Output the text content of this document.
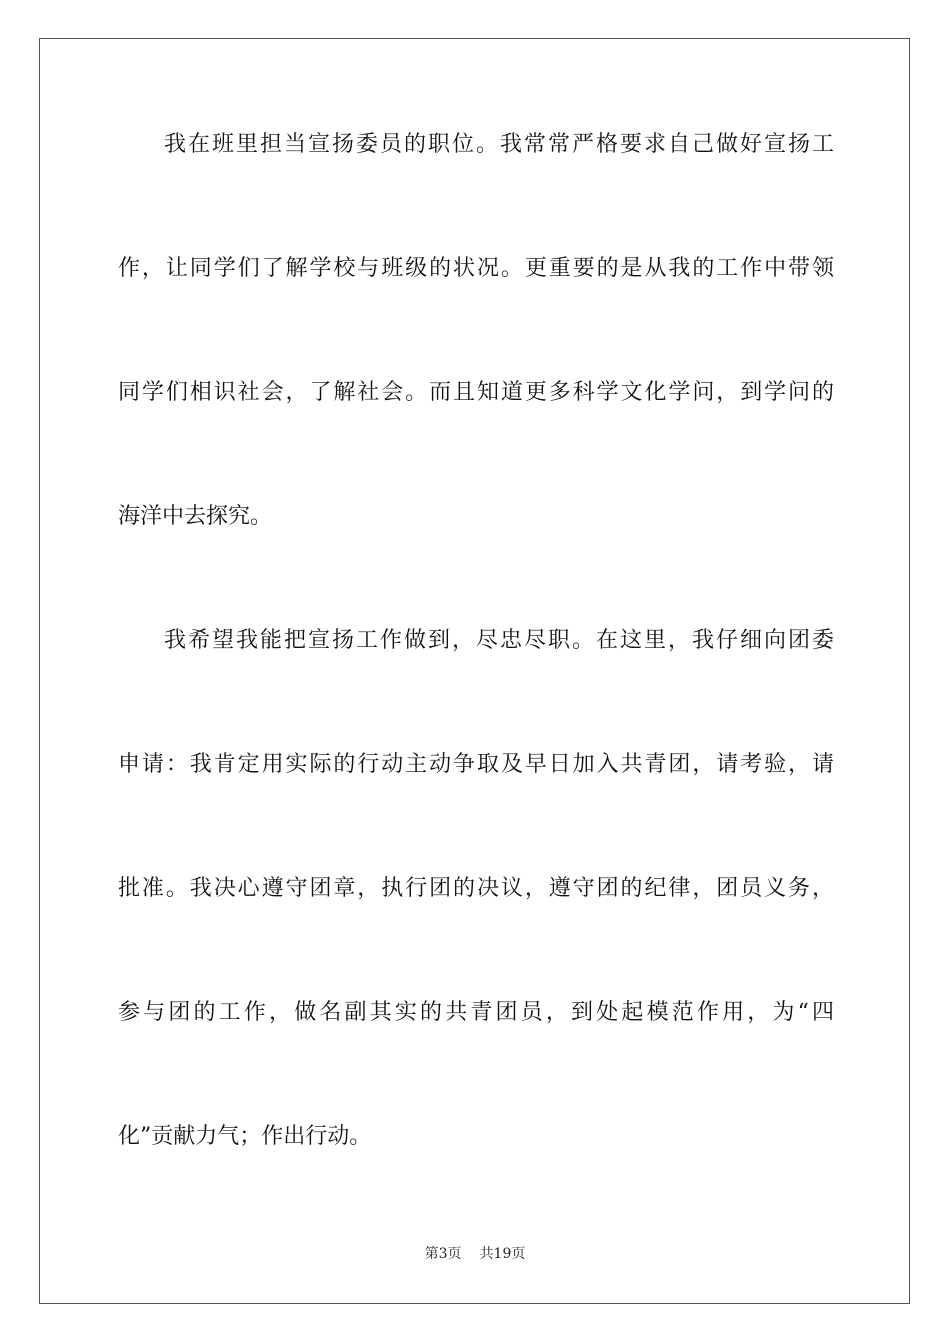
我在班里担当宣扬委员的职位。我常常严格要求自己做好宣扬工
作，让同学们了解学校与班级的状况。更重要的是从我的工作中带领
同学们相识社会，了解社会。而且知道更多科学文化学问，到学问的
海洋中去探究。
我希望我能把宣扬工作做到，尽忠尽职。在这里，我仔细向团委
申请：我肯定用实际的行动主动争取及早日加入共青团，请考验，请
批准。我决心遵守团章，执行团的决议，遵守团的纪律，团员义务，
参与团的工作，做名副其实的共青团员，到处起模范作用，为“四
化”贡献力气；作出行动。
第3页 共19页
